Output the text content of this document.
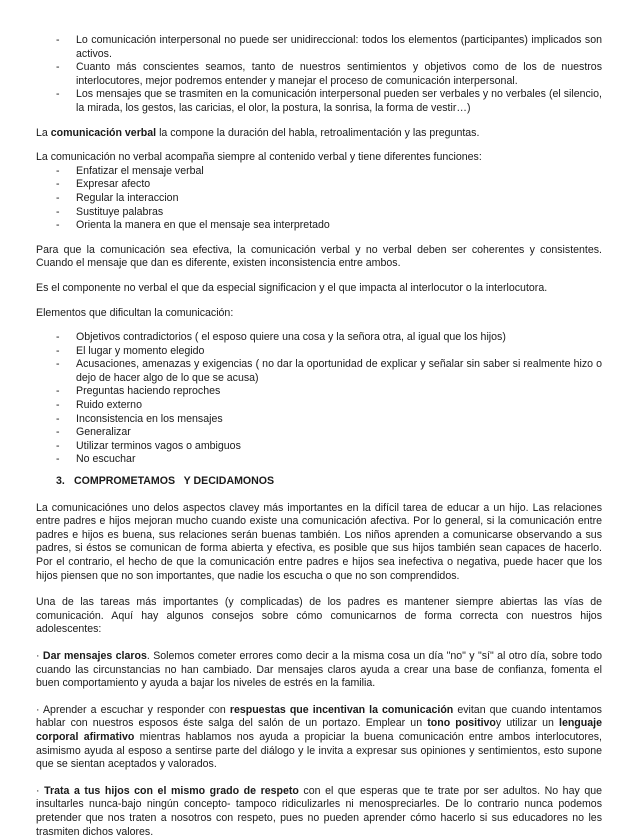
- Lo comunicación interpersonal no puede ser unidireccional: todos los elementos (participantes) implicados son activos.
- Cuanto más conscientes seamos, tanto de nuestros sentimientos y objetivos como de los de nuestros interlocutores, mejor podremos entender y manejar el proceso de comunicación interpersonal.
- Los mensajes que se trasmiten en la comunicación interpersonal pueden ser verbales y no verbales (el silencio, la mirada, los gestos, las caricias, el olor, la postura, la sonrisa, la forma de vestir…)

La comunicación verbal la compone la duración del habla, retroalimentación y las preguntas.

La comunicación no verbal acompaña siempre al contenido verbal y tiene diferentes funciones:

- Enfatizar el mensaje verbal
- Expresar afecto
- Regular la interaccion
- Sustituye palabras
- Orienta la manera en que el mensaje sea interpretado

Para que la comunicación sea efectiva, la comunicación verbal y no verbal deben ser coherentes y consistentes. Cuando el mensaje que dan es diferente, existen inconsistencia entre ambos.

Es el componente no verbal el que da especial significacion y el que impacta al interlocutor o la interlocutora.

Elementos que dificultan la comunicación:

- Objetivos contradictorios ( el esposo quiere una cosa y la señora otra, al igual que los hijos)
- El lugar y momento elegido
- Acusaciones, amenazas y exigencias ( no dar la oportunidad de explicar y señalar sin saber si realmente hizo o dejo de hacer algo de lo que se acusa)
- Preguntas haciendo reproches
- Ruido externo
- Inconsistencia en los mensajes
- Generalizar
- Utilizar terminos vagos o ambiguos
- No escuchar

3. COMPROMETAMOS   Y DECIDAMONOS

La comunicaciónes uno delos aspectos clavey más importantes en la difícil tarea de educar a un hijo. Las relaciones entre padres e hijos mejoran mucho cuando existe una comunicación afectiva. Por lo general, si la comunicación entre padres e hijos es buena, sus relaciones serán buenas también. Los niños aprenden a comunicarse observando a sus padres, si éstos se comunican de forma abierta y efectiva, es posible que sus hijos también sean capaces de hacerlo. Por el contrario, el hecho de que la comunicación entre padres e hijos sea inefectiva o negativa, puede hacer que los hijos piensen que no son importantes, que nadie los escucha o que no son comprendidos.

Una de las tareas más importantes (y complicadas) de los padres es mantener siempre abiertas las vías de comunicación. Aquí hay algunos consejos sobre cómo comunicarnos de forma correcta con nuestros hijos adolescentes:

· Dar mensajes claros. Solemos cometer errores como decir a la misma cosa un día "no" y "sí" al otro día, sobre todo cuando las circunstancias no han cambiado. Dar mensajes claros ayuda a crear una base de confianza, fomenta el buen comportamiento y ayuda a bajar los niveles de estrés en la familia.

· Aprender a escuchar y responder con respuestas que incentivan la comunicación evitan que cuando intentamos hablar con nuestros esposos éste salga del salón de un portazo. Emplear un tono positivoy utilizar un lenguaje corporal afirmativo mientras hablamos nos ayuda a propiciar la buena comunicación entre ambos interlocutores, asimismo ayuda al esposo a sentirse parte del diálogo y le invita a expresar sus opiniones y sentimientos, esto supone que se sientan aceptados y valorados.

· Trata a tus hijos con el mismo grado de respeto con el que esperas que te trate por ser adultos. No hay que insultarles nunca-bajo ningún concepto- tampoco ridiculizarles ni menospreciarles. De lo contrario nunca podemos pretender que nos traten a nosotros con respeto, pues no pueden aprender cómo hacerlo si sus educadores no les trasmiten dichos valores.
